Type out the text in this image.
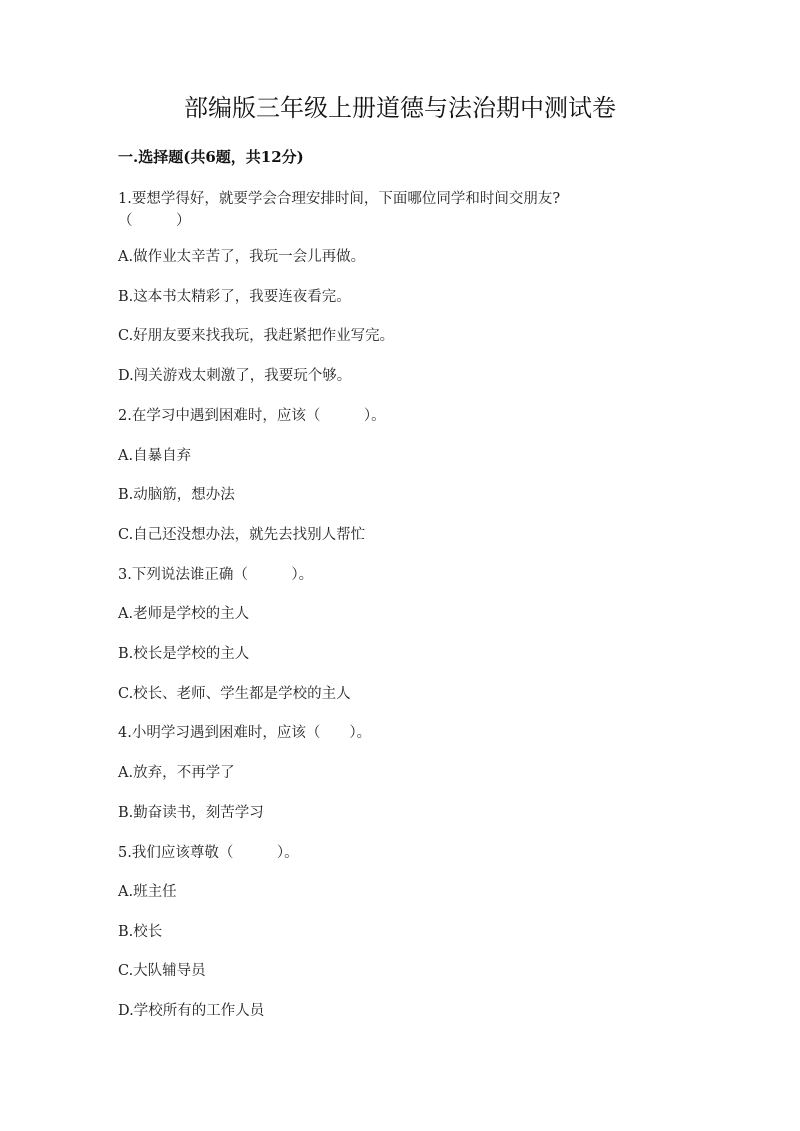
部编版三年级上册道德与法治期中测试卷
一.选择题(共6题，共12分)
1.要想学得好，就要学会合理安排时间，下面哪位同学和时间交朋友?
（　　　）
A.做作业太辛苦了，我玩一会儿再做。
B.这本书太精彩了，我要连夜看完。
C.好朋友要来找我玩，我赶紧把作业写完。
D.闯关游戏太刺激了，我要玩个够。
2.在学习中遇到困难时，应该（　　　）。
A.自暴自弃
B.动脑筋，想办法
C.自己还没想办法，就先去找别人帮忙
3.下列说法谁正确（　　　）。
A.老师是学校的主人
B.校长是学校的主人
C.校长、老师、学生都是学校的主人
4.小明学习遇到困难时，应该（　　）。
A.放弃，不再学了
B.勤奋读书，刻苦学习
5.我们应该尊敬（　　　）。
A.班主任
B.校长
C.大队辅导员
D.学校所有的工作人员
